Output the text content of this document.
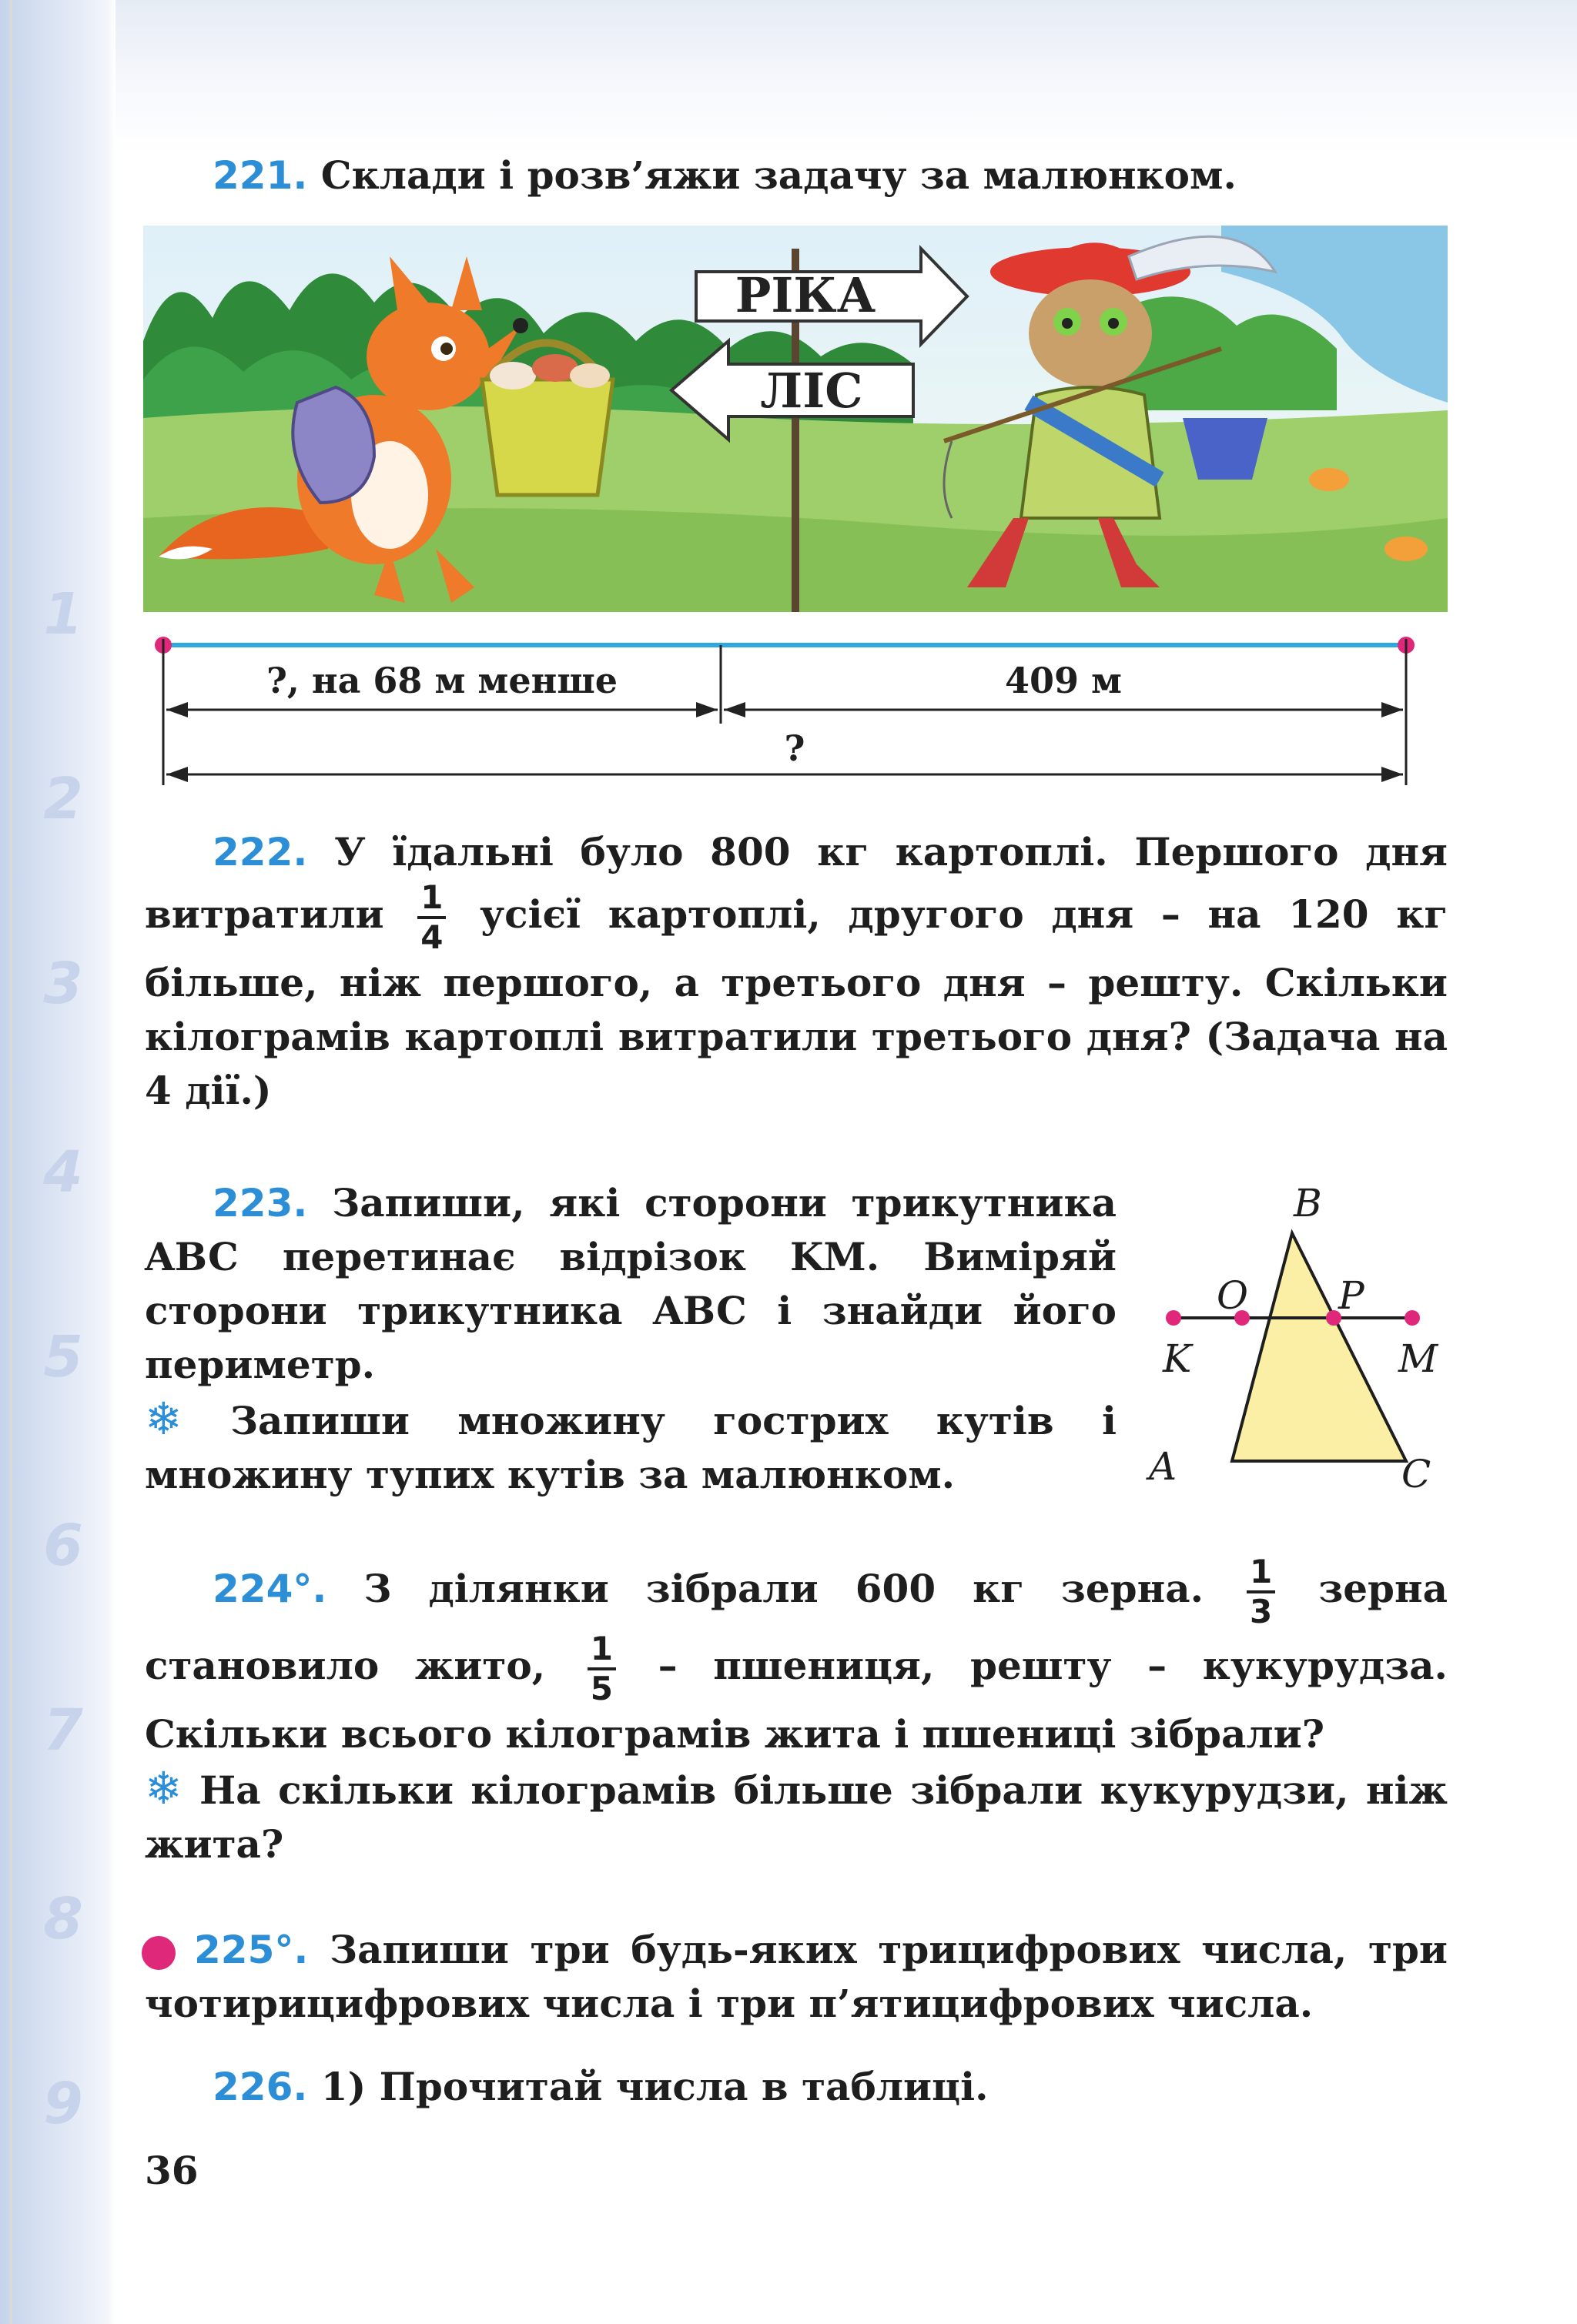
1
2
3
4
5
6
7
8
9
221. Склади і розв’яжи задачу за малюнком.
РІКА
ЛІС
?, на 68 м менше	409 м
?
222. У їдальні було 800 кг картоплі. Першого дня витратили $\frac{1}{4}$ усієї картоплі, другого дня – на 120 кг більше, ніж першого, а третього дня – решту. Скільки кілограмів картоплі витратили третього дня? (Задача на 4 дії.)
223. Запиши, які сторони трикутника ABC перетинає відрізок KM. Виміряй сторони трикутника ABC і знайди його периметр.
❄ Запиши множину гострих кутів і множину тупих кутів за малюнком.
B
O P
K	M
A	C
224°. З ділянки зібрали 600 кг зерна. $\frac{1}{3}$ зерна становило жито, $\frac{1}{5}$ – пшениця, решту – кукурудза. Скільки всього кілограмів жита і пшениці зібрали?
❄ На скільки кілограмів більше зібрали кукурудзи, ніж жита?
225°. Запиши три будь-яких трицифрових числа, три чотирицифрових числа і три п’ятицифрових числа.
226. 1) Прочитай числа в таблиці.
36
